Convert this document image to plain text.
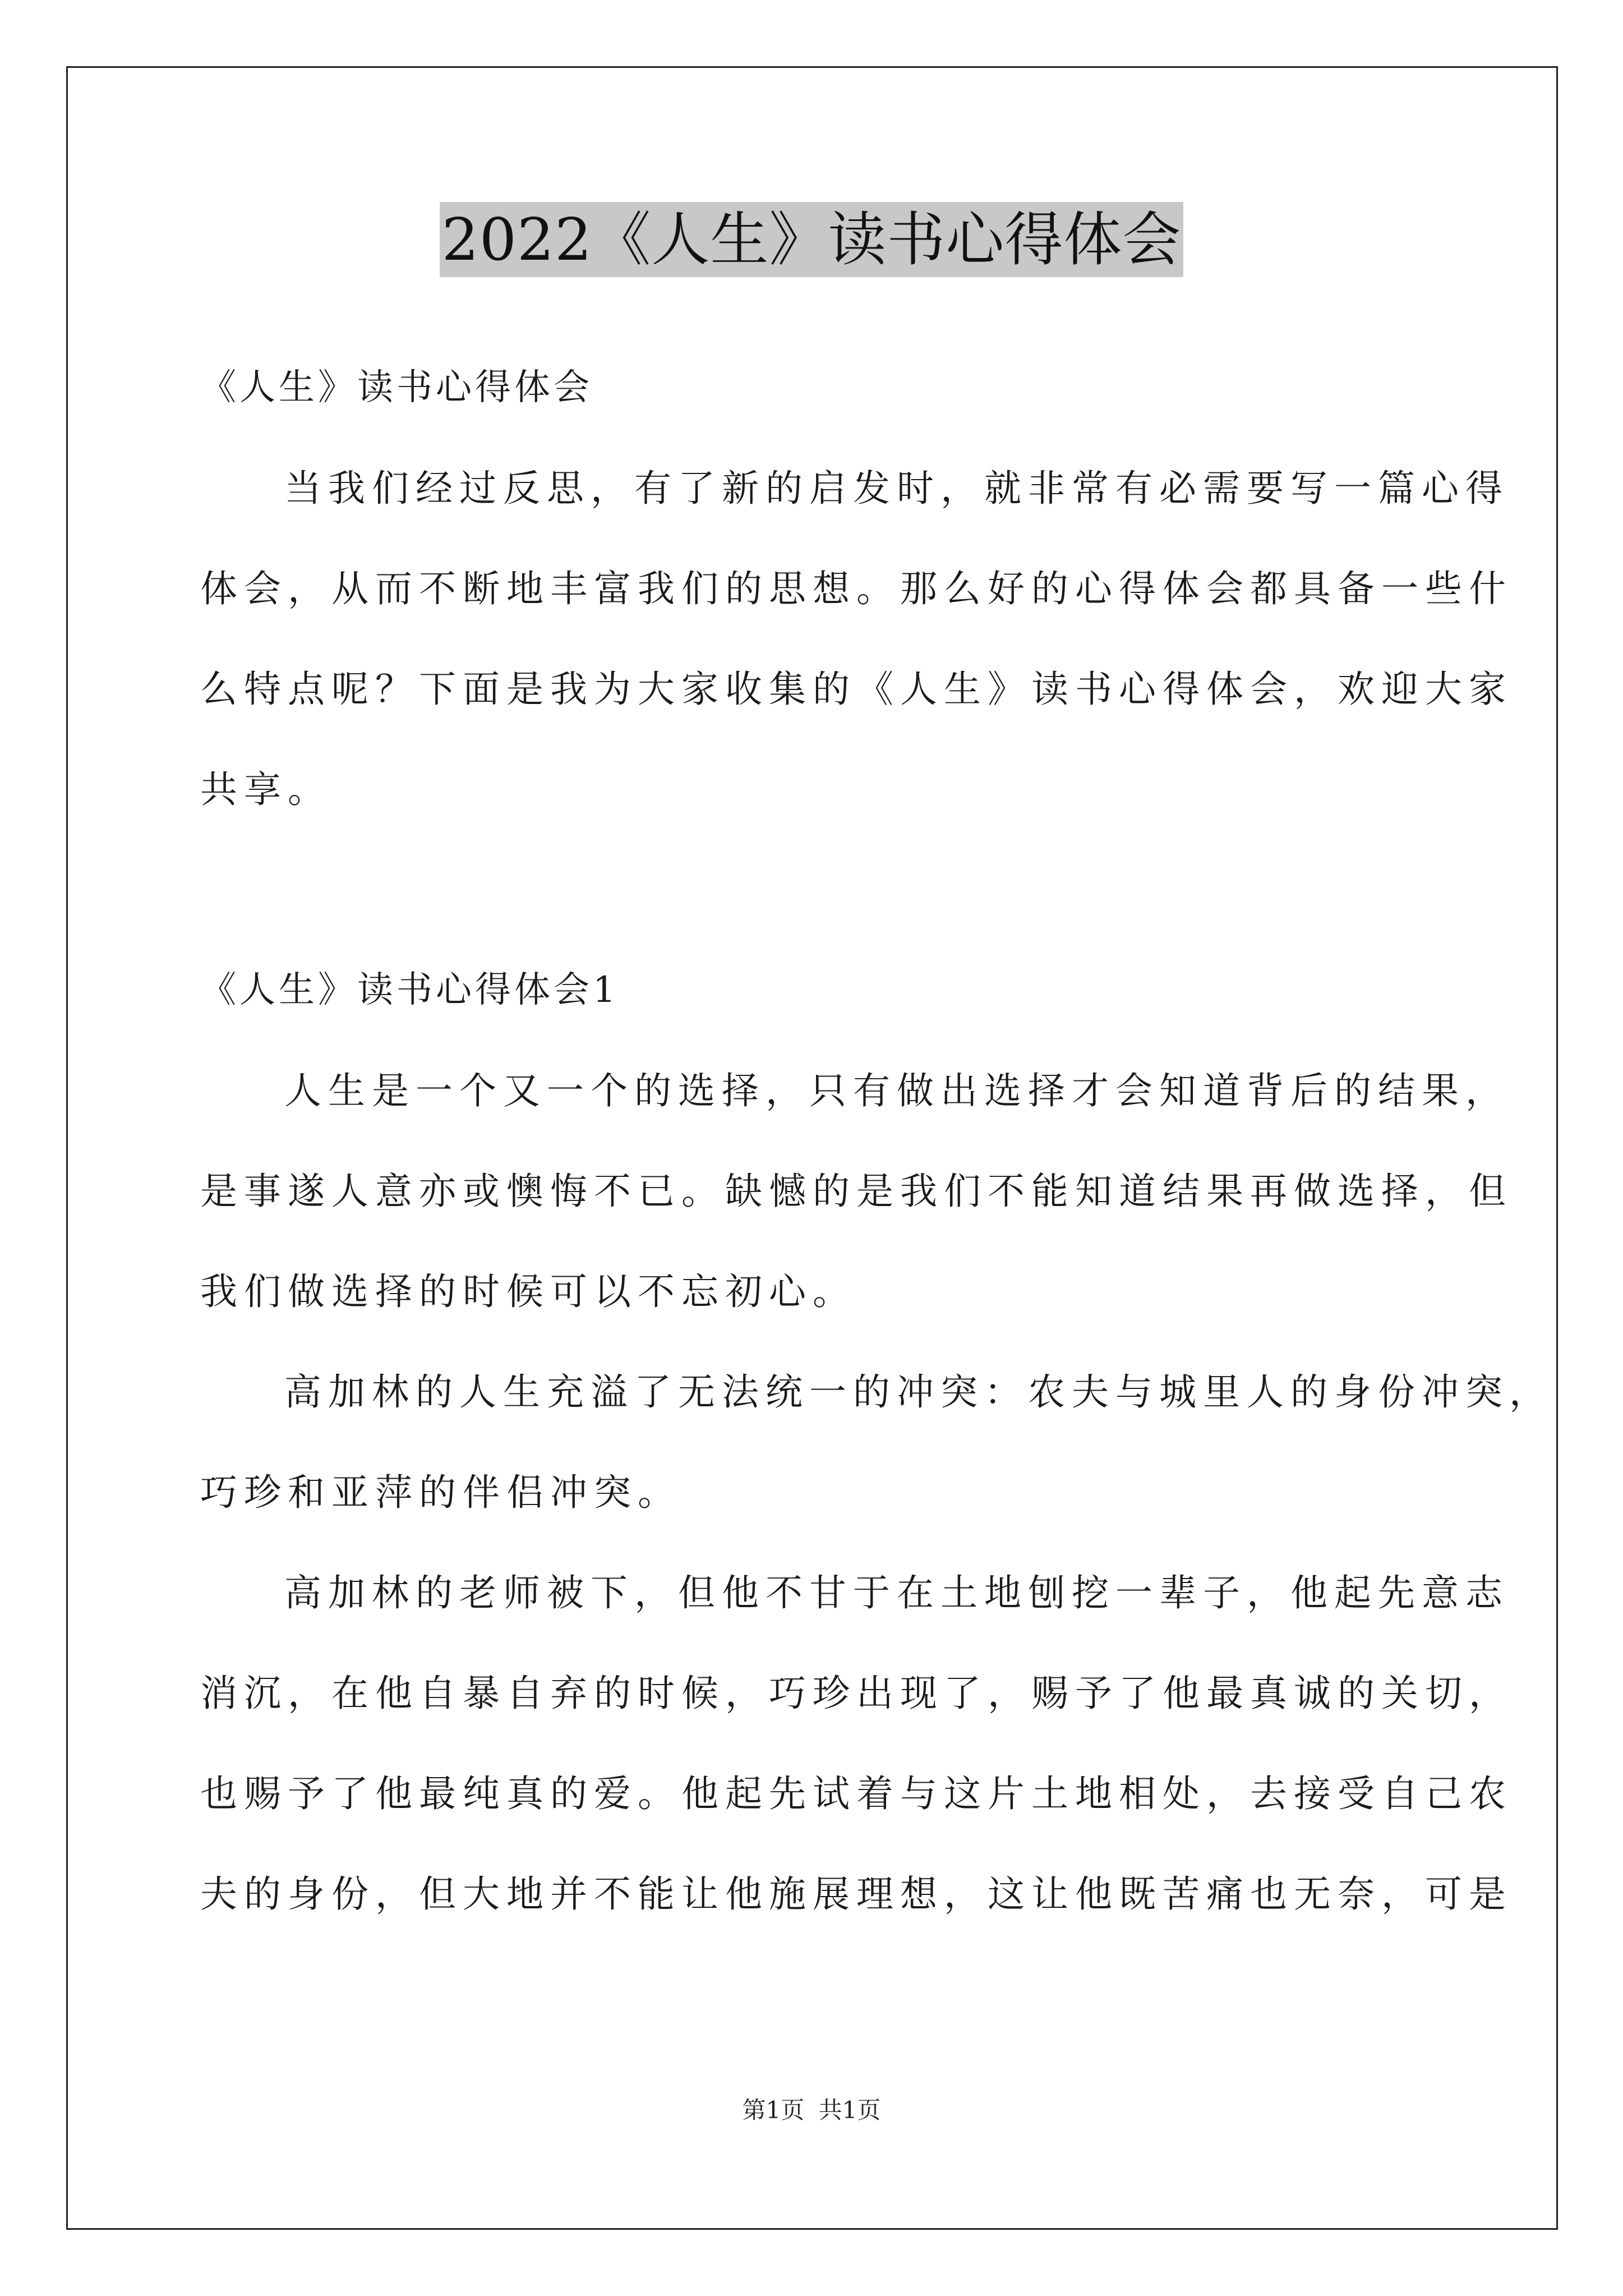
2022《人生》读书心得体会
《人生》读书心得体会
当我们经过反思，有了新的启发时，就非常有必需要写一篇心得
体会，从而不断地丰富我们的思想。那么好的心得体会都具备一些什
么特点呢？下面是我为大家收集的《人生》读书心得体会，欢迎大家
共享。
《人生》读书心得体会1
人生是一个又一个的选择，只有做出选择才会知道背后的结果，
是事遂人意亦或懊悔不已。缺憾的是我们不能知道结果再做选择，但
我们做选择的时候可以不忘初心。
高加林的人生充溢了无法统一的冲突：农夫与城里人的身份冲突，
巧珍和亚萍的伴侣冲突。
高加林的老师被下，但他不甘于在土地刨挖一辈子，他起先意志
消沉，在他自暴自弃的时候，巧珍出现了，赐予了他最真诚的关切，
也赐予了他最纯真的爱。他起先试着与这片土地相处，去接受自己农
夫的身份，但大地并不能让他施展理想，这让他既苦痛也无奈，可是
第1页 共1页
